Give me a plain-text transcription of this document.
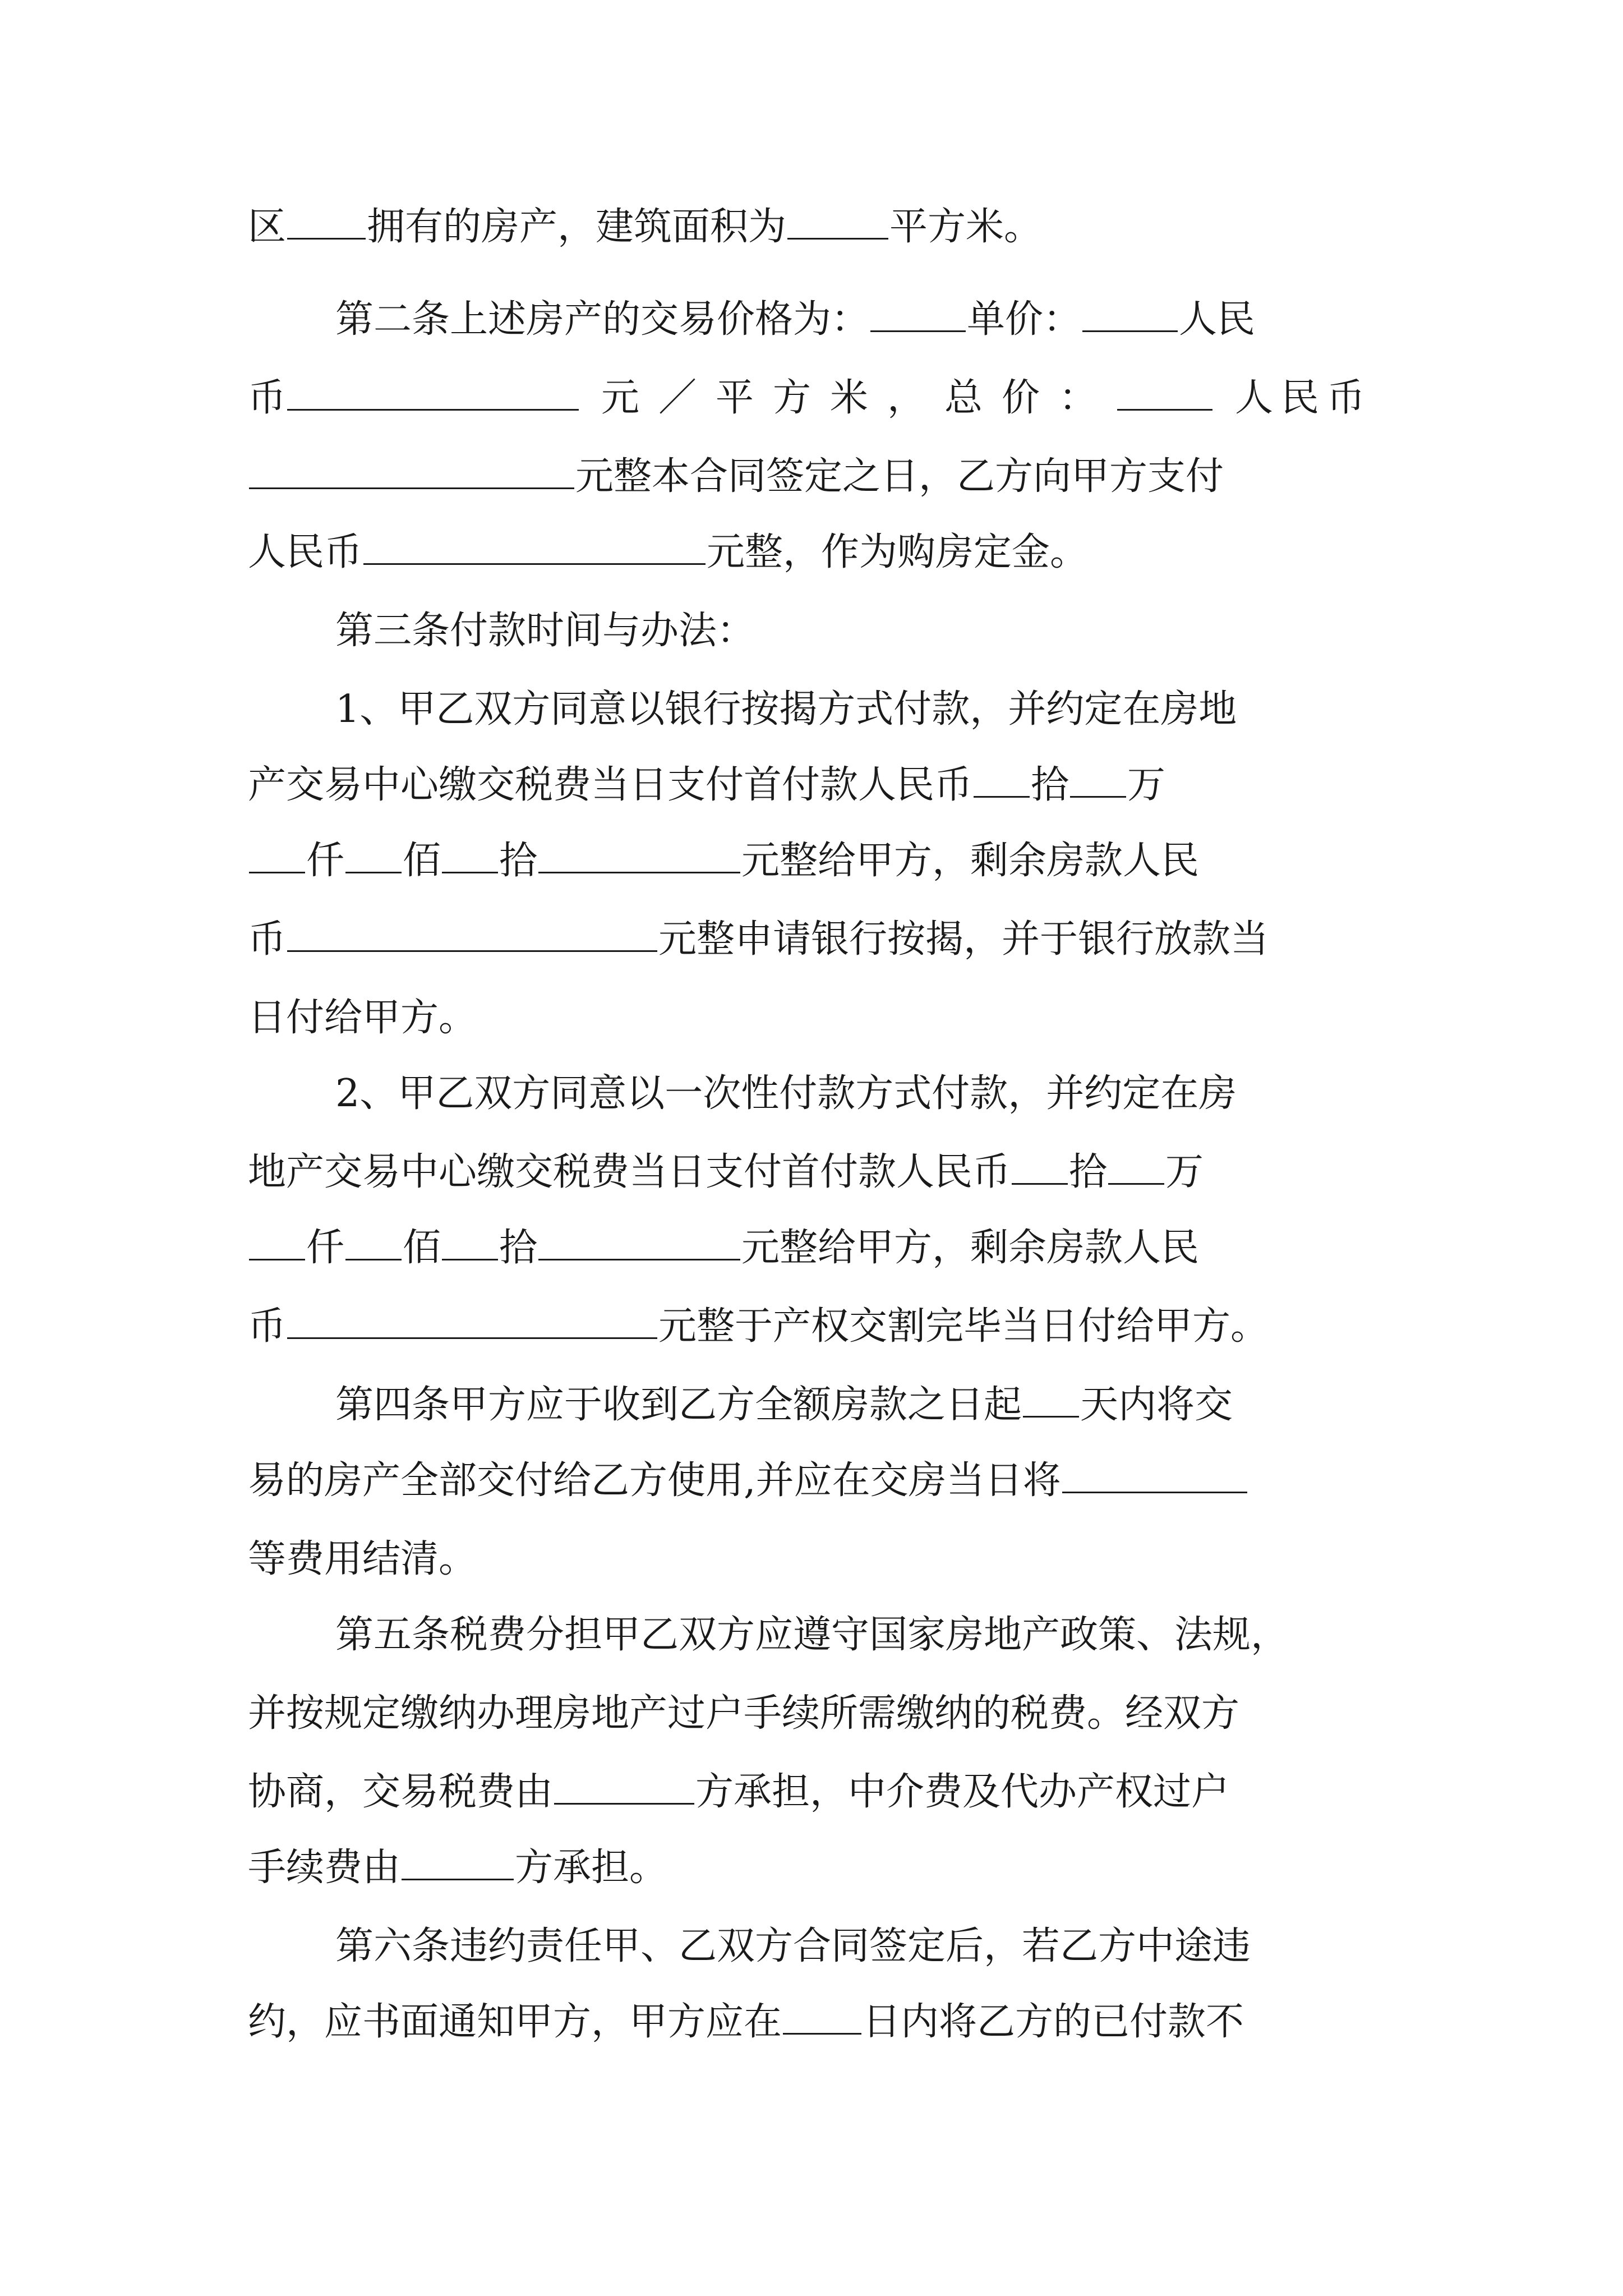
区 拥有的房产，建筑面积为	平方米。
第二条上述房产的交易价格为：	单价：	人民
币	元／平方米，总价：	人民币
元整本合同签定之日，乙方向甲方支付
人民币	元整，作为购房定金。
第三条付款时间与办法：
1、甲乙双方同意以银行按揭方式付款，并约定在房地
产交易中心缴交税费当日支付首付款人民币 拾 万
仟 佰 拾	元整给甲方，剩余房款人民
币	元整申请银行按揭，并于银行放款当
日付给甲方。
2、甲乙双方同意以一次性付款方式付款，并约定在房
地产交易中心缴交税费当日支付首付款人民币 拾 万
仟 佰 拾	元整给甲方，剩余房款人民
币	元整于产权交割完毕当日付给甲方。
第四条甲方应于收到乙方全额房款之日起 天内将交
易的房产全部交付给乙方使用,并应在交房当日将
等费用结清。
第五条税费分担甲乙双方应遵守国家房地产政策、法规，
并按规定缴纳办理房地产过户手续所需缴纳的税费。经双方
协商，交易税费由	方承担，中介费及代办产权过户
手续费由	方承担。
第六条违约责任甲、乙双方合同签定后，若乙方中途违
约，应书面通知甲方，甲方应在 日内将乙方的已付款不
